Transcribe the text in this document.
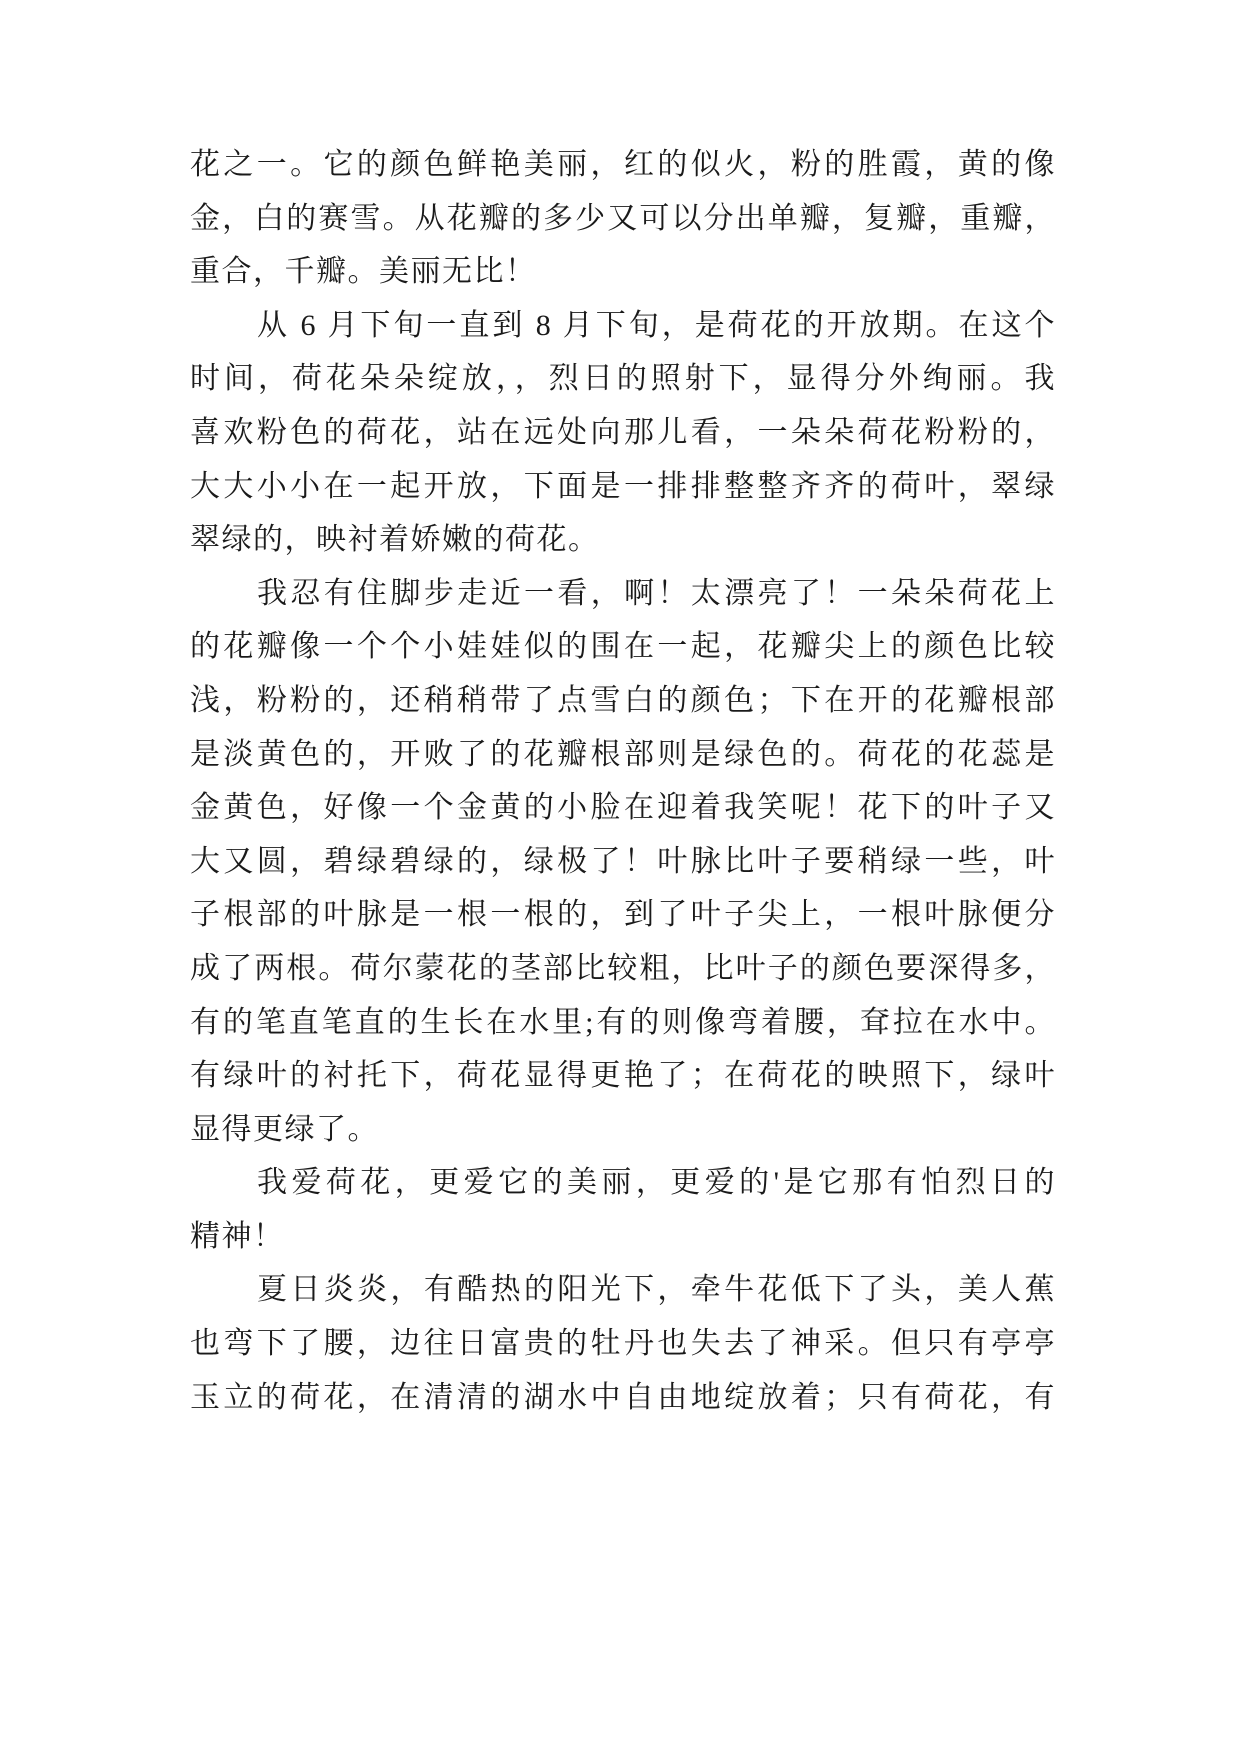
花之一。它的颜色鲜艳美丽，红的似火，粉的胜霞，黄的像
金，白的赛雪。从花瓣的多少又可以分出单瓣，复瓣，重瓣，
重合，千瓣。美丽无比！
从 6 月下旬一直到 8 月下旬，是荷花的开放期。在这个
时间，荷花朵朵绽放，，烈日的照射下，显得分外绚丽。我
喜欢粉色的荷花，站在远处向那儿看，一朵朵荷花粉粉的，
大大小小在一起开放，下面是一排排整整齐齐的荷叶，翠绿
翠绿的，映衬着娇嫩的荷花。
我忍有住脚步走近一看，啊！太漂亮了！一朵朵荷花上
的花瓣像一个个小娃娃似的围在一起，花瓣尖上的颜色比较
浅，粉粉的，还稍稍带了点雪白的颜色；下在开的花瓣根部
是淡黄色的，开败了的花瓣根部则是绿色的。荷花的花蕊是
金黄色，好像一个金黄的小脸在迎着我笑呢！花下的叶子又
大又圆，碧绿碧绿的，绿极了！叶脉比叶子要稍绿一些，叶
子根部的叶脉是一根一根的，到了叶子尖上，一根叶脉便分
成了两根。荷尔蒙花的茎部比较粗，比叶子的颜色要深得多，
有的笔直笔直的生长在水里;有的则像弯着腰，耷拉在水中。
有绿叶的衬托下，荷花显得更艳了；在荷花的映照下，绿叶
显得更绿了。
我爱荷花，更爱它的美丽，更爱的'是它那有怕烈日的
精神！
夏日炎炎，有酷热的阳光下，牵牛花低下了头，美人蕉
也弯下了腰，边往日富贵的牡丹也失去了神采。但只有亭亭
玉立的荷花，在清清的湖水中自由地绽放着；只有荷花，有
